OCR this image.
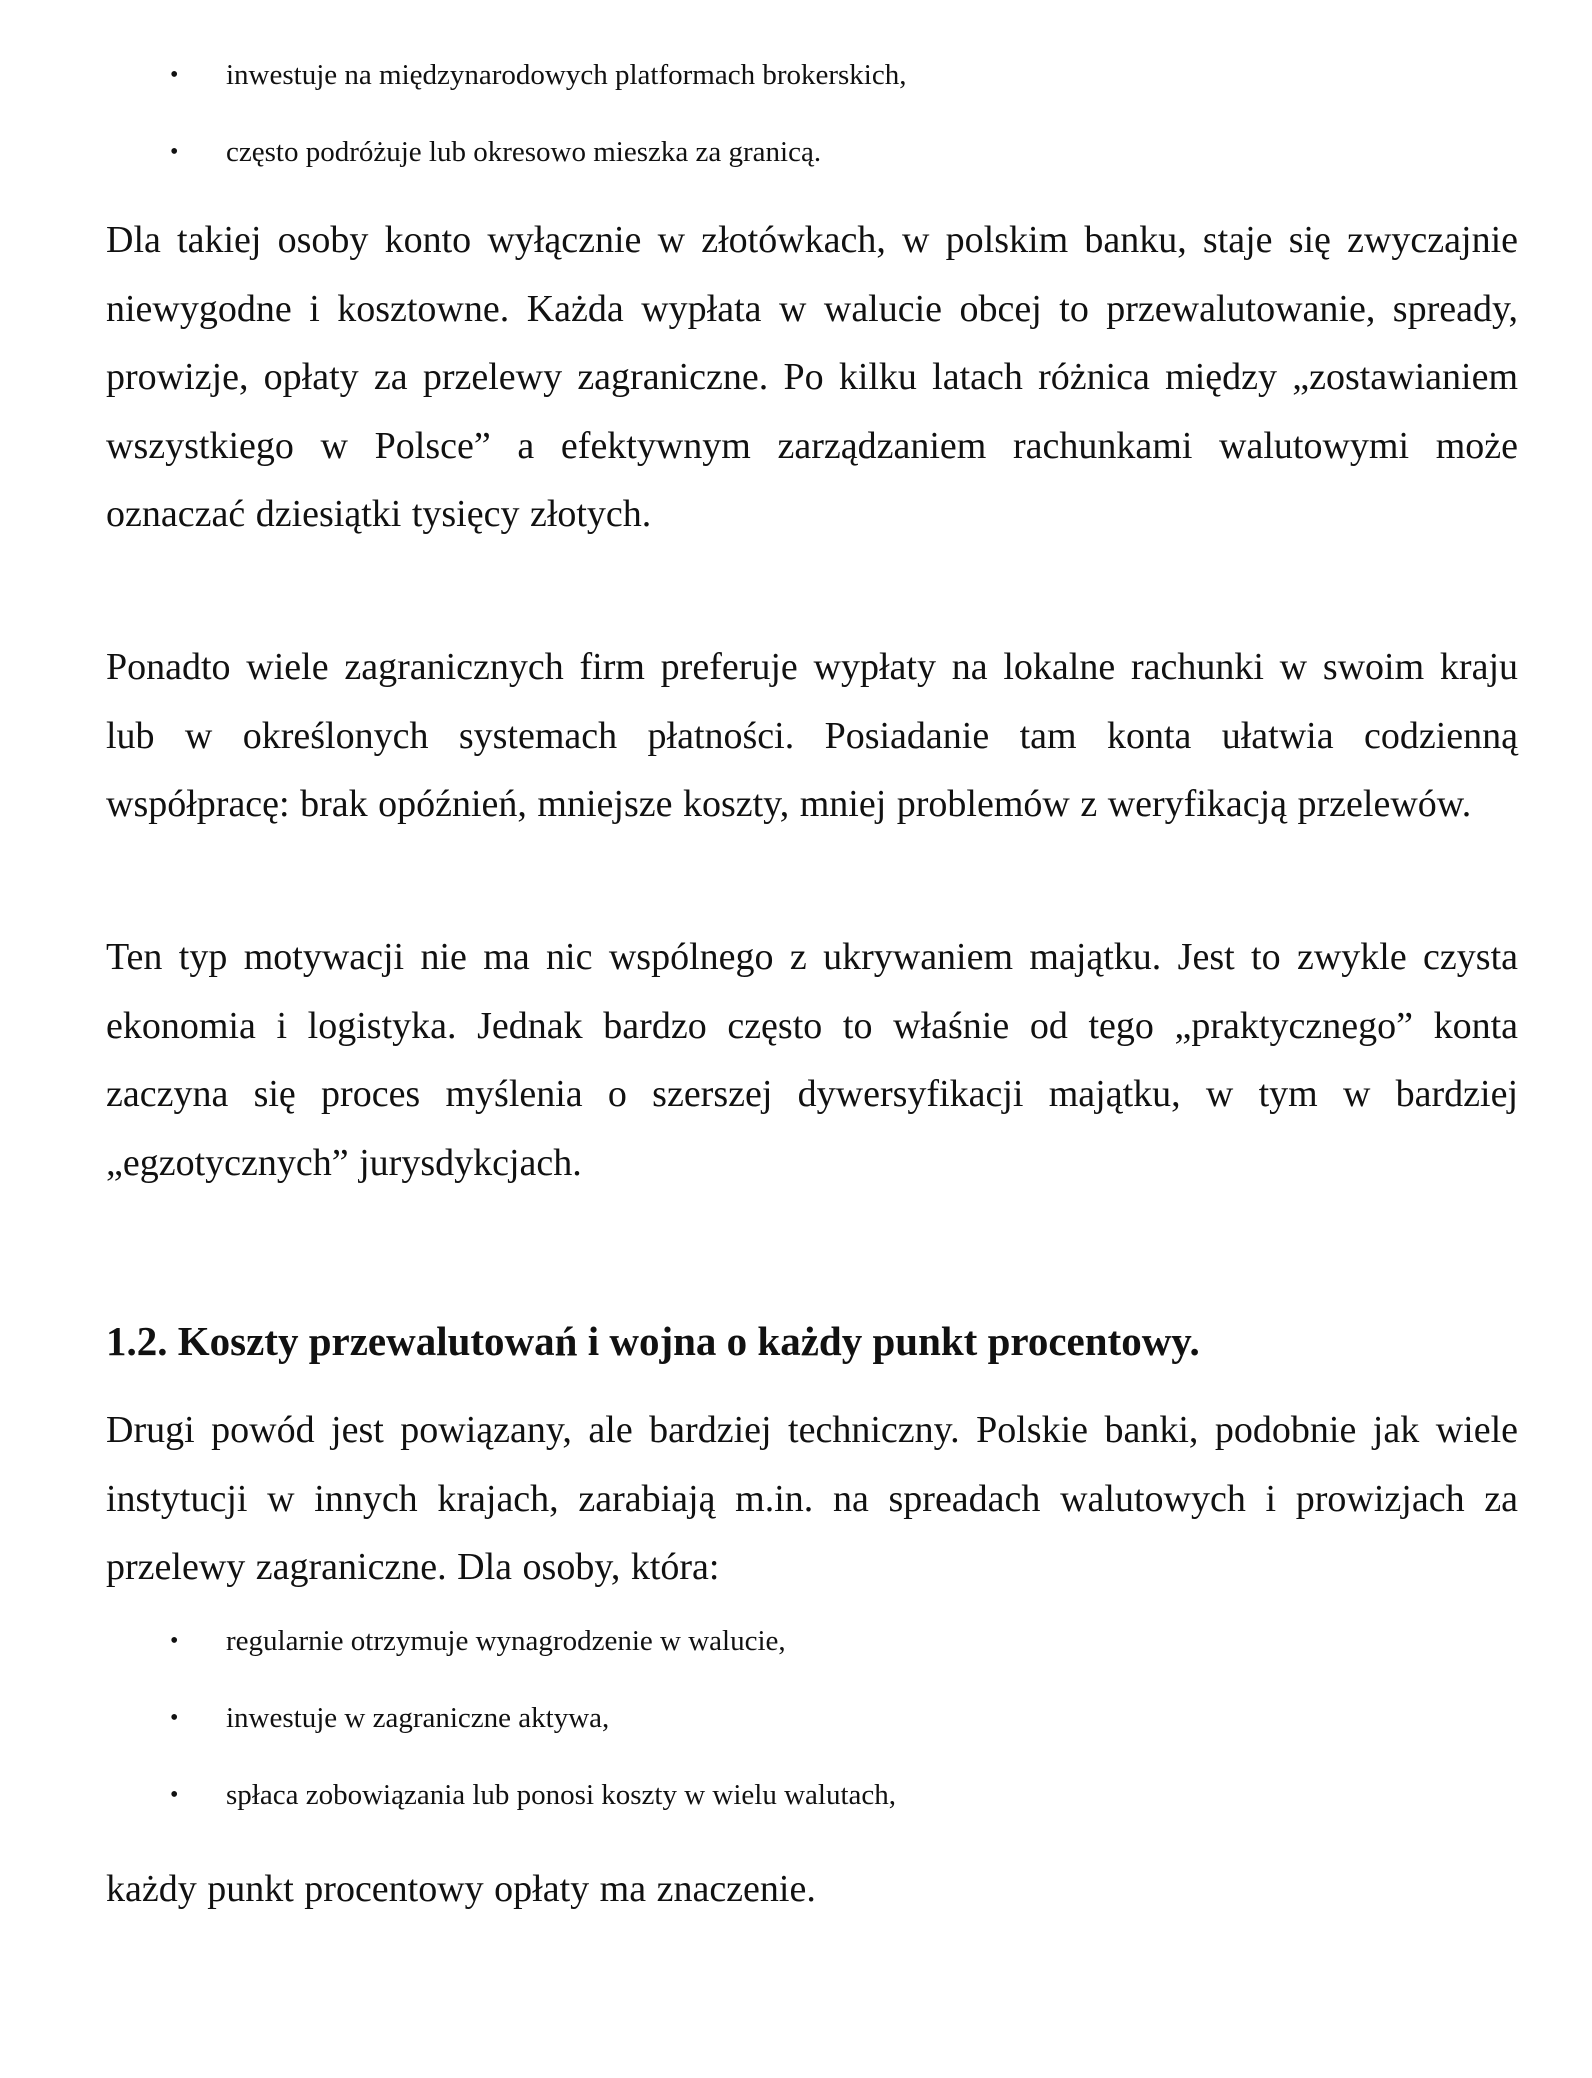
• inwestuje na międzynarodowych platformach brokerskich,
• często podróżuje lub okresowo mieszka za granicą.

Dla takiej osoby konto wyłącznie w złotówkach, w polskim banku, staje się zwyczajnie niewygodne i kosztowne. Każda wypłata w walucie obcej to przewalutowanie, spready, prowizje, opłaty za przelewy zagraniczne. Po kilku latach różnica między „zostawianiem wszystkiego w Polsce” a efektywnym zarządzaniem rachunkami walutowymi może oznaczać dziesiątki tysięcy złotych.

Ponadto wiele zagranicznych firm preferuje wypłaty na lokalne rachunki w swoim kraju lub w określonych systemach płatności. Posiadanie tam konta ułatwia codzienną współpracę: brak opóźnień, mniejsze koszty, mniej problemów z weryfikacją przelewów.

Ten typ motywacji nie ma nic wspólnego z ukrywaniem majątku. Jest to zwykle czysta ekonomia i logistyka. Jednak bardzo często to właśnie od tego „praktycznego” konta zaczyna się proces myślenia o szerszej dywersyfikacji majątku, w tym w bardziej „egzotycznych” jurysdykcjach.

1.2. Koszty przewalutowań i wojna o każdy punkt procentowy.

Drugi powód jest powiązany, ale bardziej techniczny. Polskie banki, podobnie jak wiele instytucji w innych krajach, zarabiają m.in. na spreadach walutowych i prowizjach za przelewy zagraniczne. Dla osoby, która:

• regularnie otrzymuje wynagrodzenie w walucie,
• inwestuje w zagraniczne aktywa,
• spłaca zobowiązania lub ponosi koszty w wielu walutach,

każdy punkt procentowy opłaty ma znaczenie.
